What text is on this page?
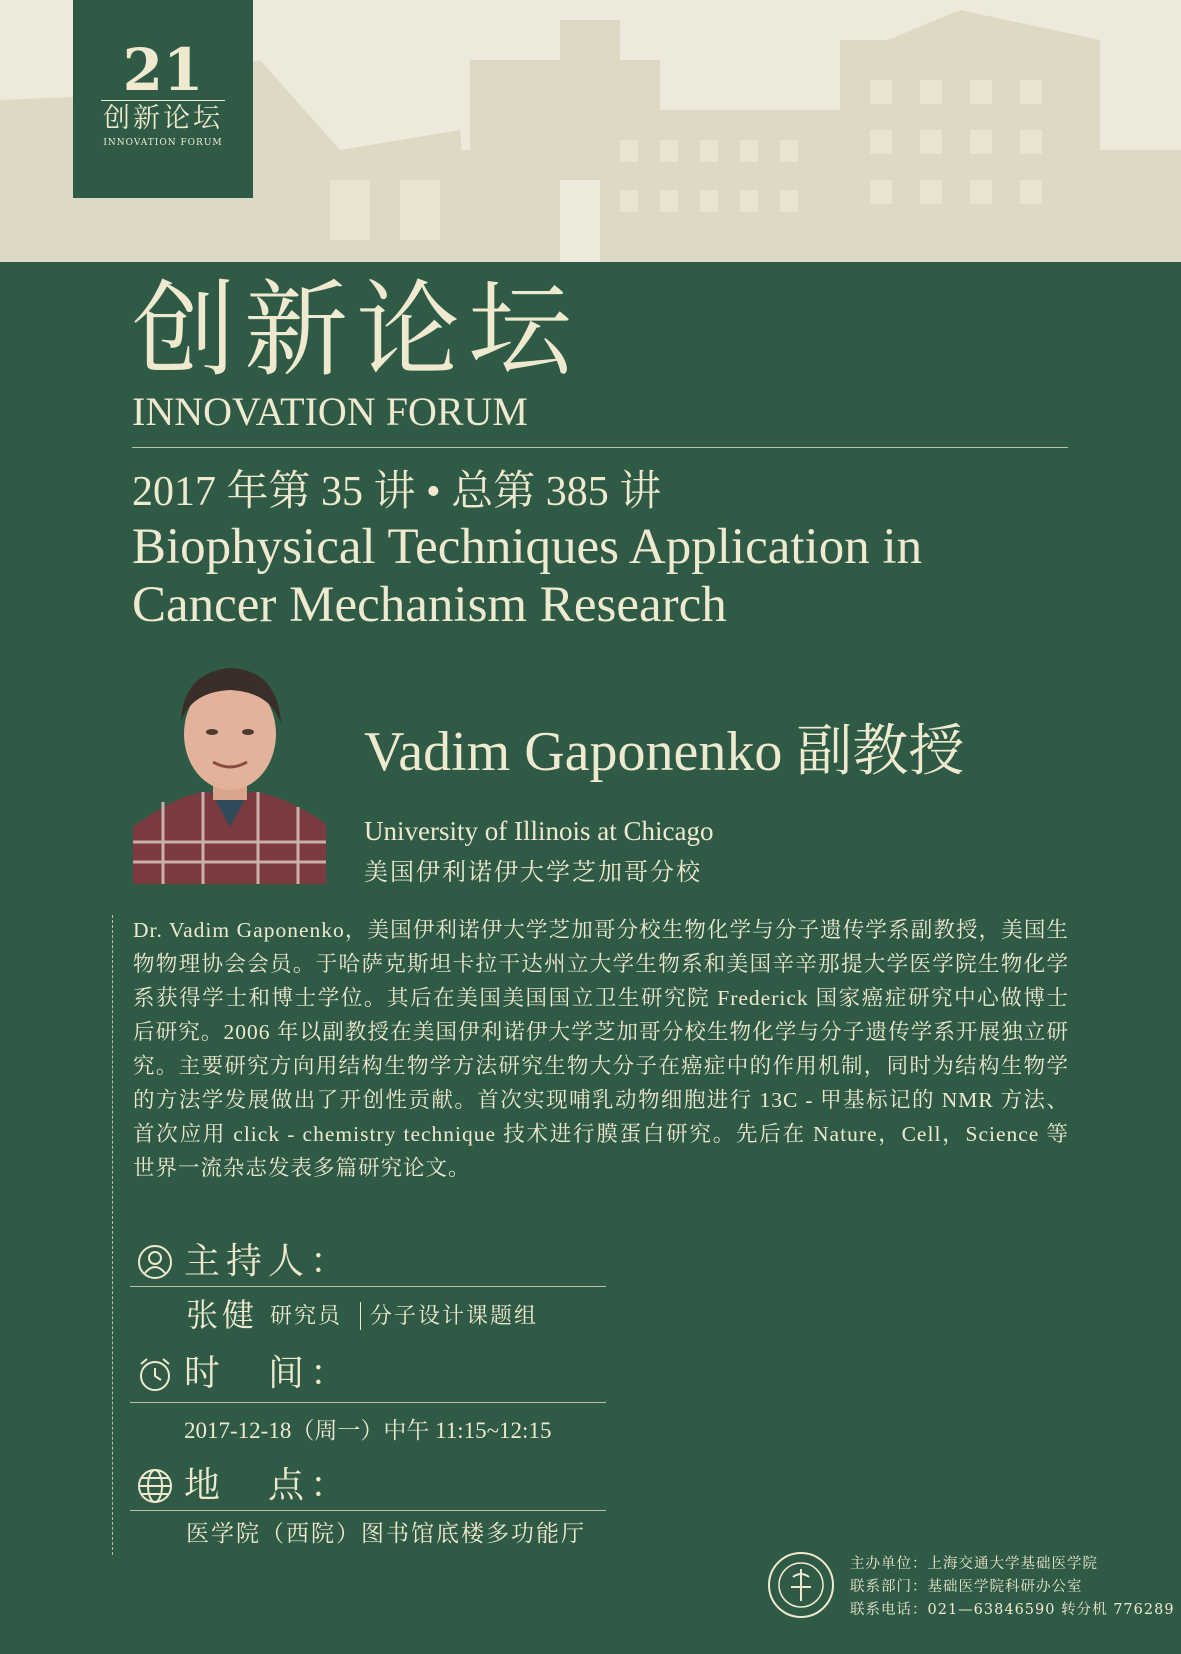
21
创新论坛
INNOVATION FORUM
创新论坛
INNOVATION FORUM
2017 年第 35 讲 • 总第 385 讲
Biophysical Techniques Application in Cancer Mechanism Research
Vadim Gaponenko 副教授
University of Illinois at Chicago
美国伊利诺伊大学芝加哥分校
Dr. Vadim Gaponenko，美国伊利诺伊大学芝加哥分校生物化学与分子遗传学系副教授，美国生物物理协会会员。于哈萨克斯坦卡拉干达州立大学生物系和美国辛辛那提大学医学院生物化学系获得学士和博士学位。其后在美国美国国立卫生研究院 Frederick 国家癌症研究中心做博士后研究。2006 年以副教授在美国伊利诺伊大学芝加哥分校生物化学与分子遗传学系开展独立研究。主要研究方向用结构生物学方法研究生物大分子在癌症中的作用机制，同时为结构生物学的方法学发展做出了开创性贡献。首次实现哺乳动物细胞进行 13C - 甲基标记的 NMR 方法、首次应用 click - chemistry technique 技术进行膜蛋白研究。先后在 Nature，Cell，Science 等世界一流杂志发表多篇研究论文。
主持人：
张健 研究员 分子设计课题组
时　间：
2017-12-18（周一）中午 11:15~12:15
地　点：
医学院（西院）图书馆底楼多功能厅
主办单位：上海交通大学基础医学院
联系部门：基础医学院科研办公室
联系电话：021—63846590 转分机 776289
